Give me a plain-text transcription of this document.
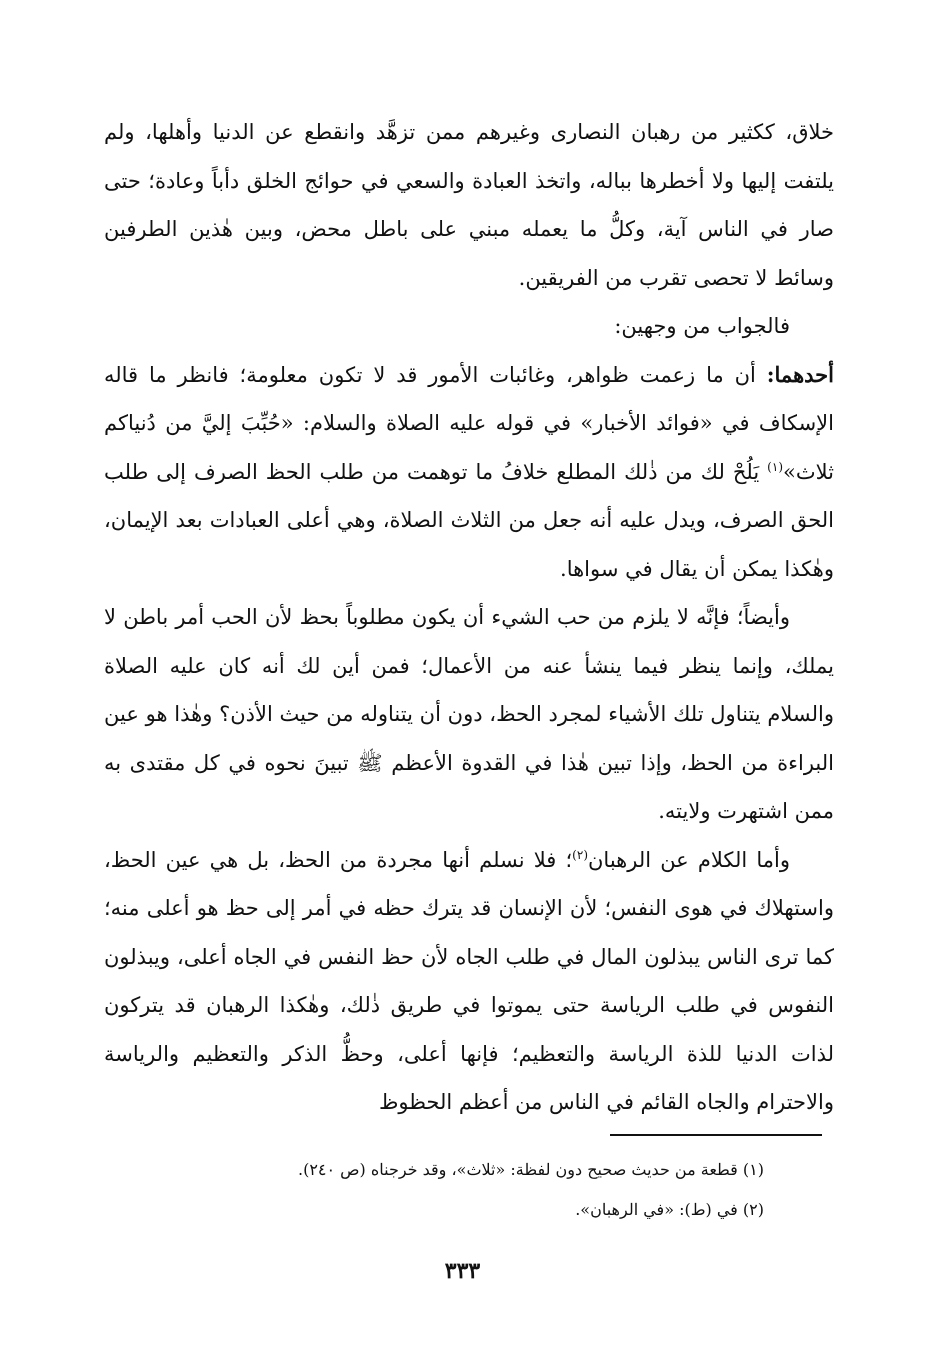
خلاق، ككثير من رهبان النصارى وغيرهم ممن تزهَّد وانقطع عن الدنيا وأهلها، ولم يلتفت إليها ولا أخطرها بباله، واتخذ العبادة والسعي في حوائج الخلق دأباً وعادة؛ حتى صار في الناس آية، وكلُّ ما يعمله مبني على باطل محض، وبين هٰذين الطرفين وسائط لا تحصى تقرب من الفريقين.

فالجواب من وجهين:

أحدهما: أن ما زعمت ظواهر، وغائبات الأمور قد لا تكون معلومة؛ فانظر ما قاله الإسكاف في «فوائد الأخبار» في قوله عليه الصلاة والسلام: «حُبِّبَ إليَّ من دُنياكم ثلاث»$^{(١)}$ يَلُحْ لك من ذٰلك المطلع خلافُ ما توهمت من طلب الحظ الصرف إلى طلب الحق الصرف، ويدل عليه أنه جعل من الثلاث الصلاة، وهي أعلى العبادات بعد الإيمان، وهٰكذا يمكن أن يقال في سواها.

وأيضاً؛ فإنَّه لا يلزم من حب الشيء أن يكون مطلوباً بحظ لأن الحب أمر باطن لا يملك، وإنما ينظر فيما ينشأ عنه من الأعمال؛ فمن أين لك أنه كان عليه الصلاة والسلام يتناول تلك الأشياء لمجرد الحظ، دون أن يتناوله من حيث الأذن؟ وهٰذا هو عين البراءة من الحظ، وإذا تبين هٰذا في القدوة الأعظم ﷺ تبينَ نحوه في كل مقتدى به ممن اشتهرت ولايته.

وأما الكلام عن الرهبان$^{(٢)}$؛ فلا نسلم أنها مجردة من الحظ، بل هي عين الحظ، واستهلاك في هوى النفس؛ لأن الإنسان قد يترك حظه في أمر إلى حظ هو أعلى منه؛ كما ترى الناس يبذلون المال في طلب الجاه لأن حظ النفس في الجاه أعلى، ويبذلون النفوس في طلب الرياسة حتى يموتوا في طريق ذٰلك، وهٰكذا الرهبان قد يتركون لذات الدنيا للذة الرياسة والتعظيم؛ فإنها أعلى، وحظُّ الذكر والتعظيم والرياسة والاحترام والجاه القائم في الناس من أعظم الحظوظ

(١) قطعة من حديث صحيح دون لفظة: «ثلاث»، وقد خرجناه (ص ٢٤٠).

(٢) في (ط): «في الرهبان».

٣٣٣
